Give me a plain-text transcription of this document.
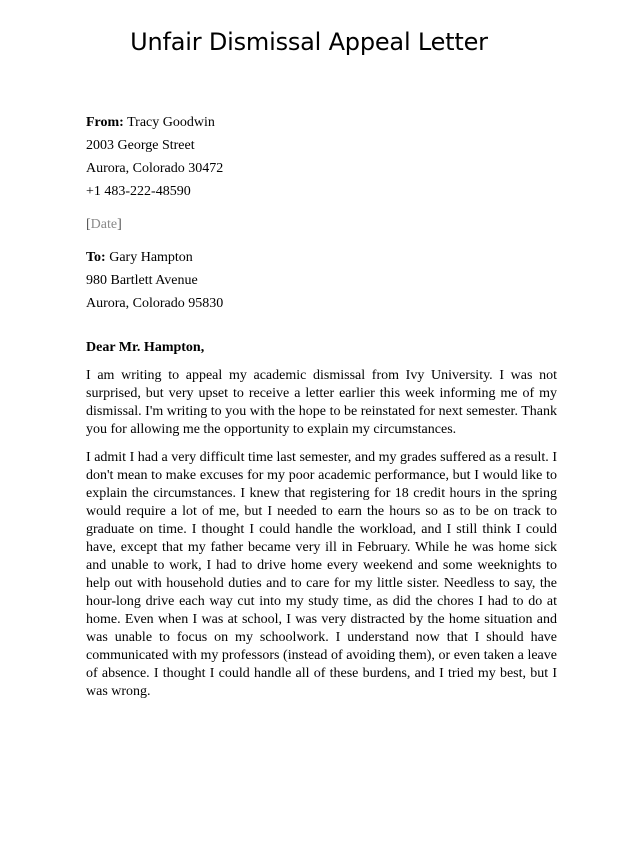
Unfair Dismissal Appeal Letter
From: Tracy Goodwin
2003 George Street
Aurora, Colorado 30472
+1 483-222-48590
[Date]
To: Gary Hampton
980 Bartlett Avenue
Aurora, Colorado 95830
Dear Mr. Hampton,

I am writing to appeal my academic dismissal from Ivy University. I was not surprised, but very upset to receive a letter earlier this week informing me of my dismissal. I'm writing to you with the hope to be reinstated for next semester. Thank you for allowing me the opportunity to explain my circumstances.

I admit I had a very difficult time last semester, and my grades suffered as a result. I don't mean to make excuses for my poor academic performance, but I would like to explain the circumstances. I knew that registering for 18 credit hours in the spring would require a lot of me, but I needed to earn the hours so as to be on track to graduate on time. I thought I could handle the workload, and I still think I could have, except that my father became very ill in February. While he was home sick and unable to work, I had to drive home every weekend and some weeknights to help out with household duties and to care for my little sister. Needless to say, the hour-long drive each way cut into my study time, as did the chores I had to do at home. Even when I was at school, I was very distracted by the home situation and was unable to focus on my schoolwork. I understand now that I should have communicated with my professors (instead of avoiding them), or even taken a leave of absence. I thought I could handle all of these burdens, and I tried my best, but I was wrong.
